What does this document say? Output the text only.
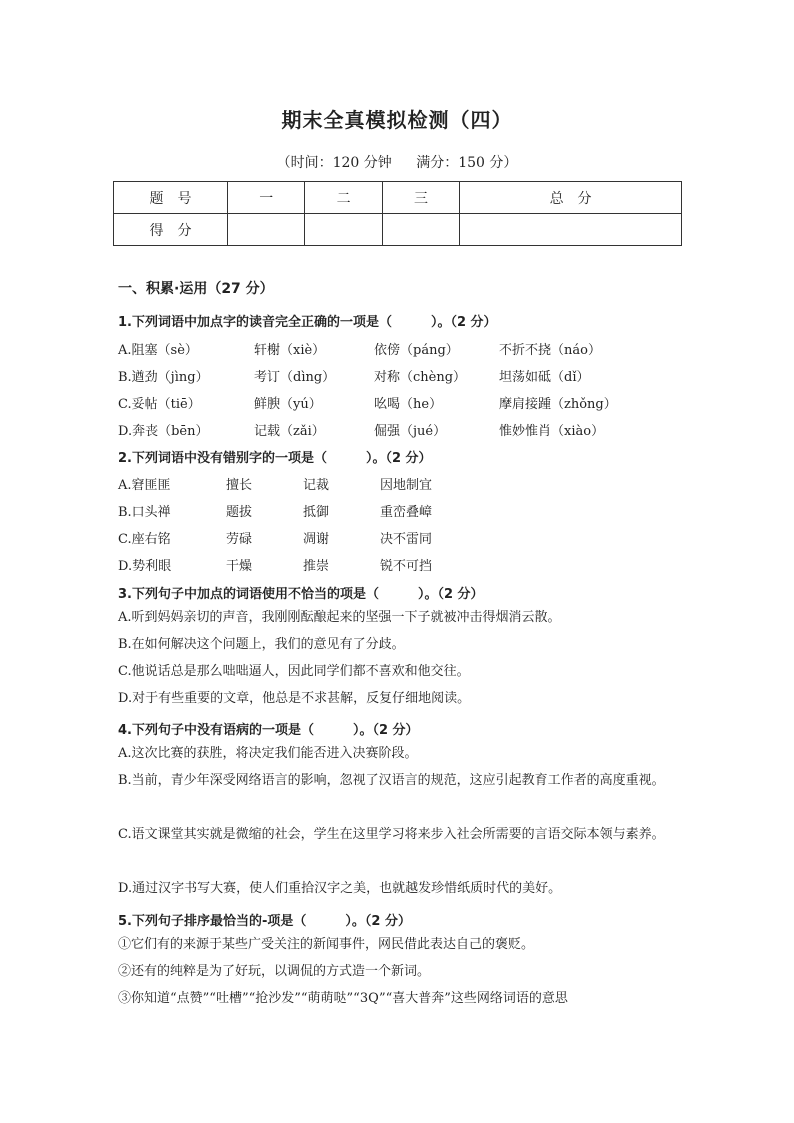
期末全真模拟检测（四）
（时间：120 分钟 满分：150 分）
题　号	一	二	三	总　分
得　分				
一、积累·运用（27 分）
1.下列词语中加点字的读音完全正确的一项是（　　　）。（2 分）
A.阻塞（sè）	轩榭（xiè）	依傍（páng）	不折不挠（náo）
B.遒劲（jìng）	考订（dìng）	对称（chèng）	坦荡如砥（dǐ）
C.妥帖（tiē）	鲜腴（yú）	吆喝（he）	摩肩接踵（zhǒng）
D.奔丧（bēn）	记载（zǎi）	倔强（jué）	惟妙惟肖（xiào）
2.下列词语中没有错别字的一项是（　　　）。（2 分）
A.窘匪匪	擅长	记裁	因地制宜
B.口头禅	题拔	抵御	重峦叠嶂
C.座右铭	劳碌	凋谢	决不雷同
D.势利眼	干燥	推崇	锐不可挡
3.下列句子中加点的词语使用不恰当的项是（　　　）。（2 分）
A.听到妈妈亲切的声音，我刚刚酝酿起来的坚强一下子就被冲击得烟消云散。
B.在如何解决这个问题上，我们的意见有了分歧。
C.他说话总是那么咄咄逼人，因此同学们都不喜欢和他交往。
D.对于有些重要的文章，他总是不求甚解，反复仔细地阅读。
4.下列句子中没有语病的一项是（　　　）。（2 分）
A.这次比赛的获胜，将决定我们能否进入决赛阶段。
B.当前，青少年深受网络语言的影响，忽视了汉语言的规范，这应引起教育工作者的高度重视。
C.语文课堂其实就是微缩的社会，学生在这里学习将来步入社会所需要的言语交际本领与素养。
D.通过汉字书写大赛，使人们重拾汉字之美，也就越发珍惜纸质时代的美好。
5.下列句子排序最恰当的-项是（　　　）。（2 分）
①它们有的来源于某些广受关注的新闻事件，网民借此表达自己的褒贬。
②还有的纯粹是为了好玩，以调侃的方式造一个新词。
③你知道“点赞”“吐槽”“抢沙发”“萌萌哒”“3Q”“喜大普奔”这些网络词语的意思
